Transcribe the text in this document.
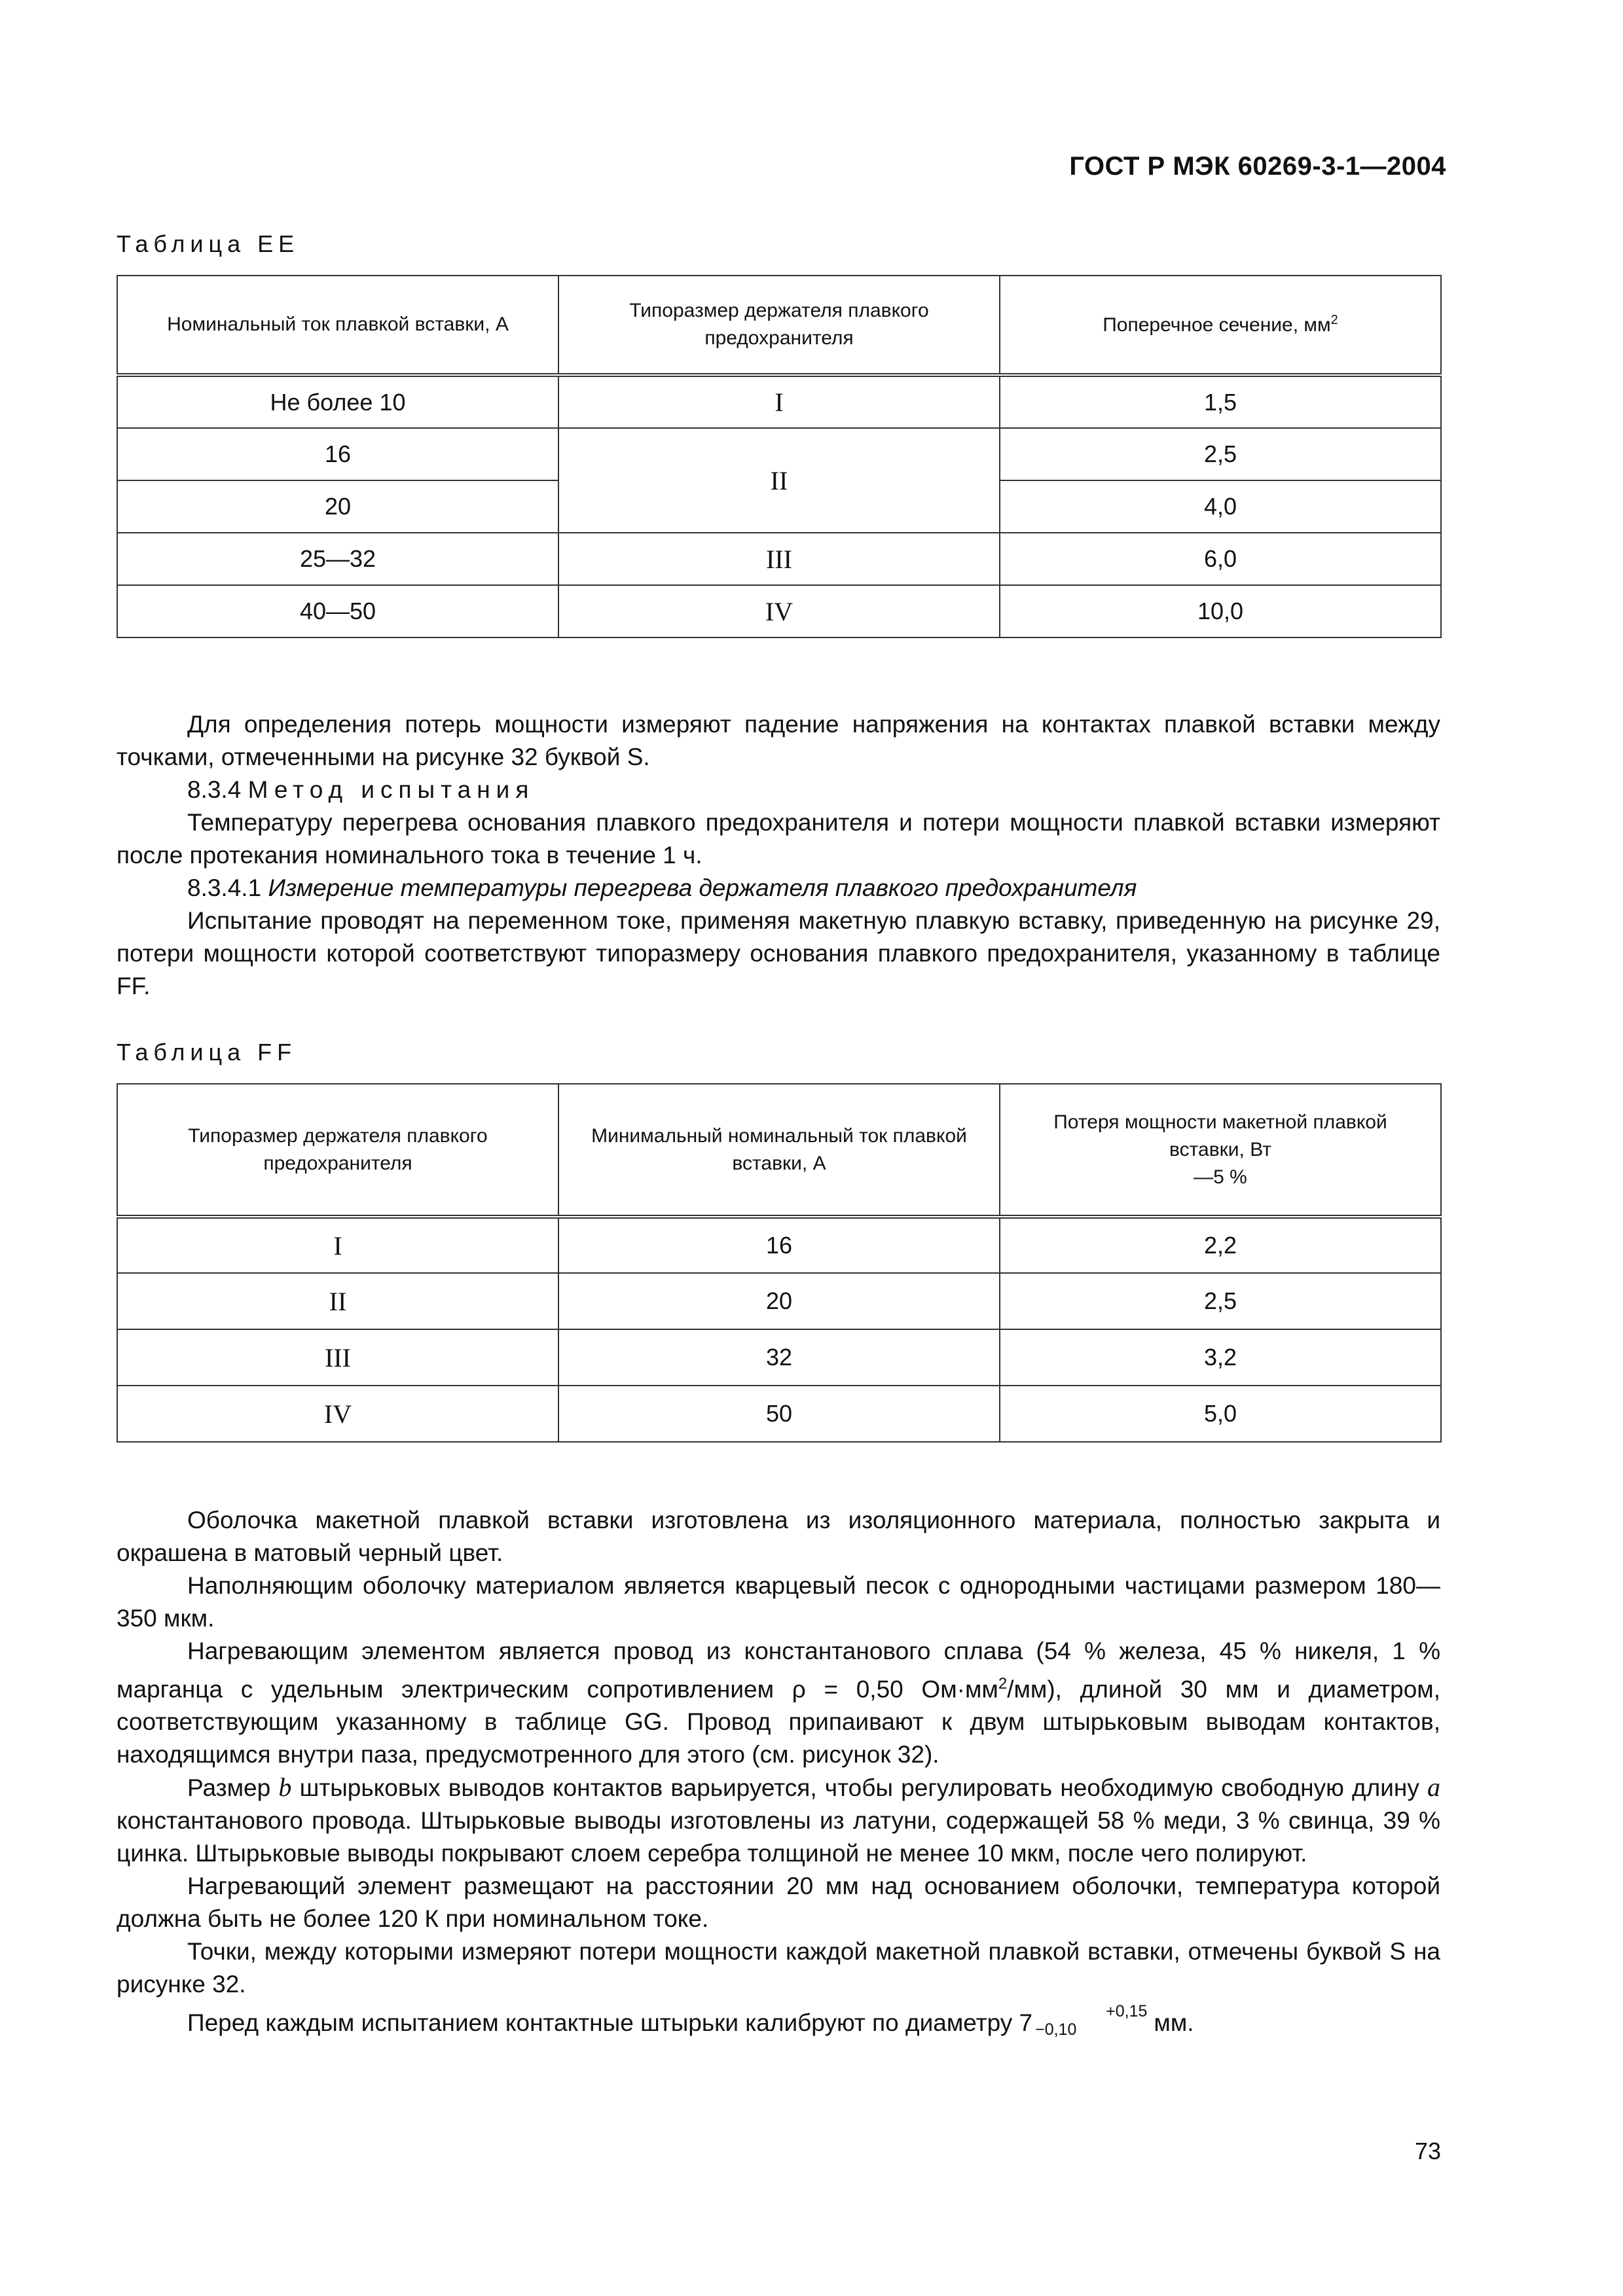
ГОСТ Р МЭК 60269-3-1—2004
Таблица ЕЕ
Номинальный ток плавкой вставки, А	Типоразмер держателя плавкого предохранителя	Поперечное сечение, $мм^2$
Не более 10	I	1,5
16	II	2,5
20		4,0
25—32	III	6,0
40—50	IV	10,0

Для определения потерь мощности измеряют падение напряжения на контактах плавкой вставки между точками, отмеченными на рисунке 32 буквой S.

8.3.4 Метод испытания

Температуру перегрева основания плавкого предохранителя и потери мощности плавкой вставки измеряют после протекания номинального тока в течение 1 ч.

8.3.4.1 Измерение температуры перегрева держателя плавкого предохранителя

Испытание проводят на переменном токе, применяя макетную плавкую вставку, приведенную на рисунке 29, потери мощности которой соответствуют типоразмеру основания плавкого предохранителя, указанному в таблице FF.

Таблица FF
Типоразмер держателя плавкого предохранителя	Минимальный номинальный ток плавкой вставки, А	Потеря мощности макетной плавкой вставки, Вт
—5 %
I	16	2,2
II	20	2,5
III	32	3,2
IV	50	5,0

Оболочка макетной плавкой вставки изготовлена из изоляционного материала, полностью закрыта и окрашена в матовый черный цвет.

Наполняющим оболочку материалом является кварцевый песок с однородными частицами размером 180—350 мкм.

Нагревающим элементом является провод из константанового сплава (54 % железа, 45 % никеля, 1 % марганца с удельным электрическим сопротивлением ρ = 0,50 $Ом\cdot мм^2/мм$), длиной 30 мм и диаметром, соответствующим указанному в таблице GG. Провод припаивают к двум штырьковым выводам контактов, находящимся внутри паза, предусмотренного для этого (см. рисунок 32).

Размер b штырьковых выводов контактов варьируется, чтобы регулировать необходимую свободную длину a константанового провода. Штырьковые выводы изготовлены из латуни, содержащей 58 % меди, 3 % свинца, 39 % цинка. Штырьковые выводы покрывают слоем серебра толщиной не менее 10 мкм, после чего полируют.

Нагревающий элемент размещают на расстоянии 20 мм над основанием оболочки, температура которой должна быть не более 120 К при номинальном токе.

Точки, между которыми измеряют потери мощности каждой макетной плавкой вставки, отмечены буквой S на рисунке 32.

Перед каждым испытанием контактные штырьки калибруют по диаметру 7	+0,15
−0,10	мм.

73
